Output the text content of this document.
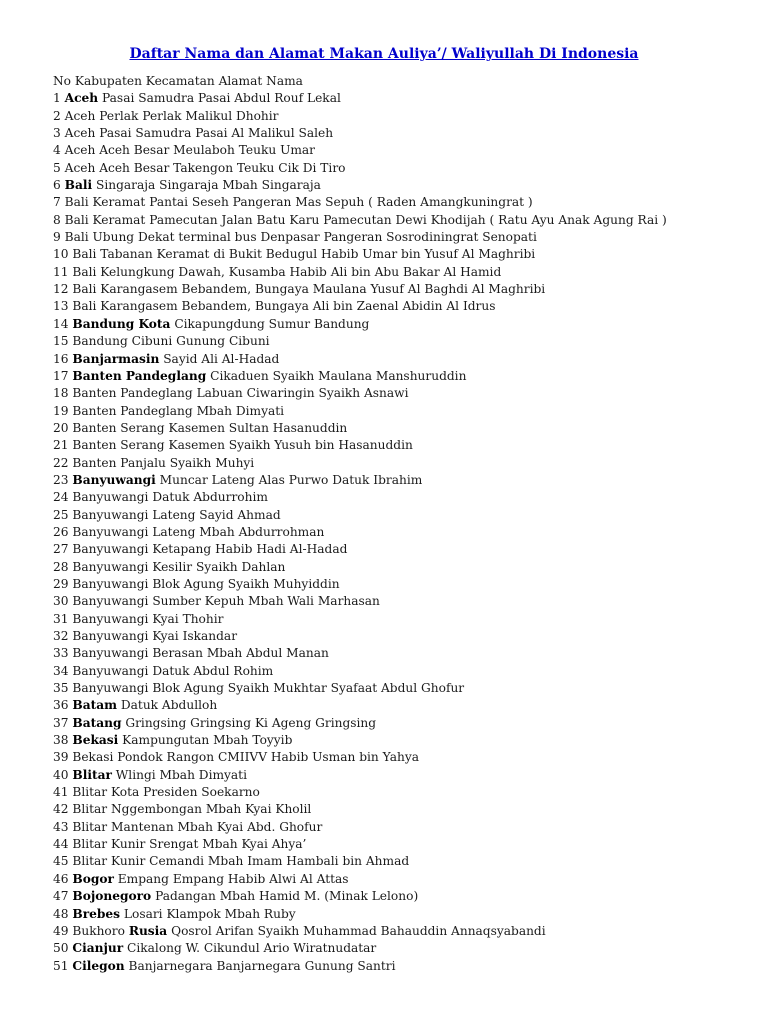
Daftar Nama dan Alamat Makan Auliya’/ Waliyullah Di Indonesia
No Kabupaten Kecamatan Alamat Nama
1 Aceh Pasai Samudra Pasai Abdul Rouf Lekal
2 Aceh Perlak Perlak Malikul Dhohir
3 Aceh Pasai Samudra Pasai Al Malikul Saleh
4 Aceh Aceh Besar Meulaboh Teuku Umar
5 Aceh Aceh Besar Takengon Teuku Cik Di Tiro
6 Bali Singaraja Singaraja Mbah Singaraja
7 Bali Keramat Pantai Seseh Pangeran Mas Sepuh ( Raden Amangkuningrat )
8 Bali Keramat Pamecutan Jalan Batu Karu Pamecutan Dewi Khodijah ( Ratu Ayu Anak Agung Rai )
9 Bali Ubung Dekat terminal bus Denpasar Pangeran Sosrodiningrat Senopati
10 Bali Tabanan Keramat di Bukit Bedugul Habib Umar bin Yusuf Al Maghribi
11 Bali Kelungkung Dawah, Kusamba Habib Ali bin Abu Bakar Al Hamid
12 Bali Karangasem Bebandem, Bungaya Maulana Yusuf Al Baghdi Al Maghribi
13 Bali Karangasem Bebandem, Bungaya Ali bin Zaenal Abidin Al Idrus
14 Bandung Kota Cikapungdung Sumur Bandung
15 Bandung Cibuni Gunung Cibuni
16 Banjarmasin Sayid Ali Al-Hadad
17 Banten Pandeglang Cikaduen Syaikh Maulana Manshuruddin
18 Banten Pandeglang Labuan Ciwaringin Syaikh Asnawi
19 Banten Pandeglang Mbah Dimyati
20 Banten Serang Kasemen Sultan Hasanuddin
21 Banten Serang Kasemen Syaikh Yusuh bin Hasanuddin
22 Banten Panjalu Syaikh Muhyi
23 Banyuwangi Muncar Lateng Alas Purwo Datuk Ibrahim
24 Banyuwangi Datuk Abdurrohim
25 Banyuwangi Lateng Sayid Ahmad
26 Banyuwangi Lateng Mbah Abdurrohman
27 Banyuwangi Ketapang Habib Hadi Al-Hadad
28 Banyuwangi Kesilir Syaikh Dahlan
29 Banyuwangi Blok Agung Syaikh Muhyiddin
30 Banyuwangi Sumber Kepuh Mbah Wali Marhasan
31 Banyuwangi Kyai Thohir
32 Banyuwangi Kyai Iskandar
33 Banyuwangi Berasan Mbah Abdul Manan
34 Banyuwangi Datuk Abdul Rohim
35 Banyuwangi Blok Agung Syaikh Mukhtar Syafaat Abdul Ghofur
36 Batam Datuk Abdulloh
37 Batang Gringsing Gringsing Ki Ageng Gringsing
38 Bekasi Kampungutan Mbah Toyyib
39 Bekasi Pondok Rangon CMIIVV Habib Usman bin Yahya
40 Blitar Wlingi Mbah Dimyati
41 Blitar Kota Presiden Soekarno
42 Blitar Nggembongan Mbah Kyai Kholil
43 Blitar Mantenan Mbah Kyai Abd. Ghofur
44 Blitar Kunir Srengat Mbah Kyai Ahya’
45 Blitar Kunir Cemandi Mbah Imam Hambali bin Ahmad
46 Bogor Empang Empang Habib Alwi Al Attas
47 Bojonegoro Padangan Mbah Hamid M. (Minak Lelono)
48 Brebes Losari Klampok Mbah Ruby
49 Bukhoro Rusia Qosrol Arifan Syaikh Muhammad Bahauddin Annaqsyabandi
50 Cianjur Cikalong W. Cikundul Ario Wiratnudatar
51 Cilegon Banjarnegara Banjarnegara Gunung Santri
